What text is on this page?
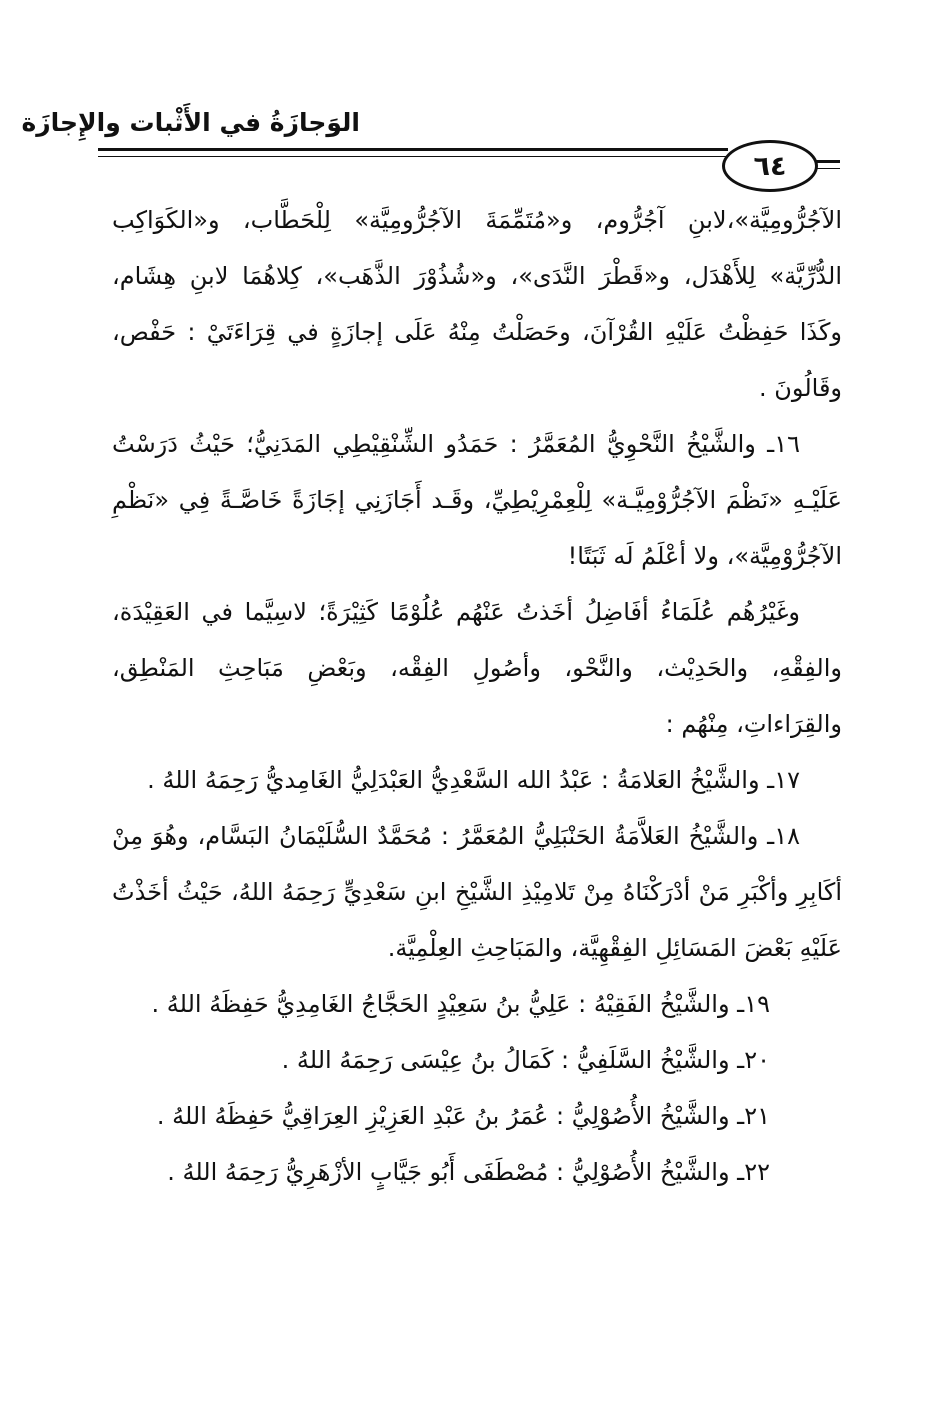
الوَجازَةُ في الأَثْبات والإِجازَة
٦٤

الآجُرُّومِيَّة»،لابنِ آجُرُّوم، و«مُتَمِّمَةَ الآجُرُّومِيَّة» لِلْحَطَّاب، و«الكَوَاكِب الدُّرِّيَّة» لِلأَهْدَل، و«قَطْرَ النَّدَى»، و«شُذُوْرَ الذَّهَب»، كِلاهُمَا لابنِ هِشَام، وكَذَا حَفِظْتُ عَلَيْهِ القُرْآنَ، وحَصَلْتُ مِنْهُ عَلَى إجازَةٍ في قِرَاءَتَيْ : حَفْص، وقَالُونَ .

١٦ـ والشَّيْخُ النَّحْوِيُّ المُعَمَّرُ : حَمَدُو الشِّنْقِيْطِي المَدَنِيُّ؛ حَيْثُ دَرَسْتُ عَلَيْـهِ «نَظْمَ الآجُرُّوْمِيَّـة» لِلْعِمْرِيْطِيِّ، وقَـد أَجَازَنِي إجَازَةً خَاصَّـةً فِي «نَظْمِ الآجُرُّوْمِيَّة»، ولا أعْلَمُ لَه ثَبَتًا!

وغَيْرُهُم عُلَمَاءُ أفَاضِلُ أخَذتُ عَنْهُم عُلُوْمًا كَثِيْرَةً؛ لاسِيَّما في العَقِيْدَة، والفِقْهِ، والحَدِيْث، والنَّحْو، وأصُولِ الفِقْه، وبَعْضِ مَبَاحِثِ المَنْطِق، والقِرَاءاتِ، مِنْهُم :

١٧ـ والشَّيْخُ العَلامَةُ : عَبْدُ الله السَّعْدِيُّ العَبْدَلِيُّ الغَامِديُّ رَحِمَهُ اللهُ .

١٨ـ والشَّيْخُ العَلاَّمَةُ الحَنْبَلِيُّ المُعَمَّرُ : مُحَمَّدٌ السُّلَيْمَانُ البَسَّام، وهُوَ مِنْ أكَابِرِ وأكْبَرِ مَنْ أدْرَكْنَاهُ مِنْ تَلامِيْذِ الشَّيْخِ ابنِ سَعْدِيٍّ رَحِمَهُ اللهُ، حَيْثُ أخَذْتُ عَلَيْهِ بَعْضَ المَسَائِلِ الفِقْهِيَّة، والمَبَاحِثِ العِلْمِيَّة.

١٩ـ والشَّيْخُ الفَقِيْهُ : عَلِيُّ بنُ سَعِيْدٍ الحَجَّاجُ الغَامِدِيُّ حَفِظَهُ اللهُ .

٢٠ـ والشَّيْخُ السَّلَفِيُّ : كَمَالُ بنُ عِيْسَى رَحِمَهُ اللهُ .

٢١ـ والشَّيْخُ الأُصُوْلِيُّ : عُمَرُ بنُ عَبْدِ العَزِيْزِ العِرَاقِيُّ حَفِظَهُ اللهُ .

٢٢ـ والشَّيْخُ الأُصُوْلِيُّ : مُصْطَفَى أَبُو جَيَّابٍ الأزْهَرِيُّ رَحِمَهُ اللهُ .
